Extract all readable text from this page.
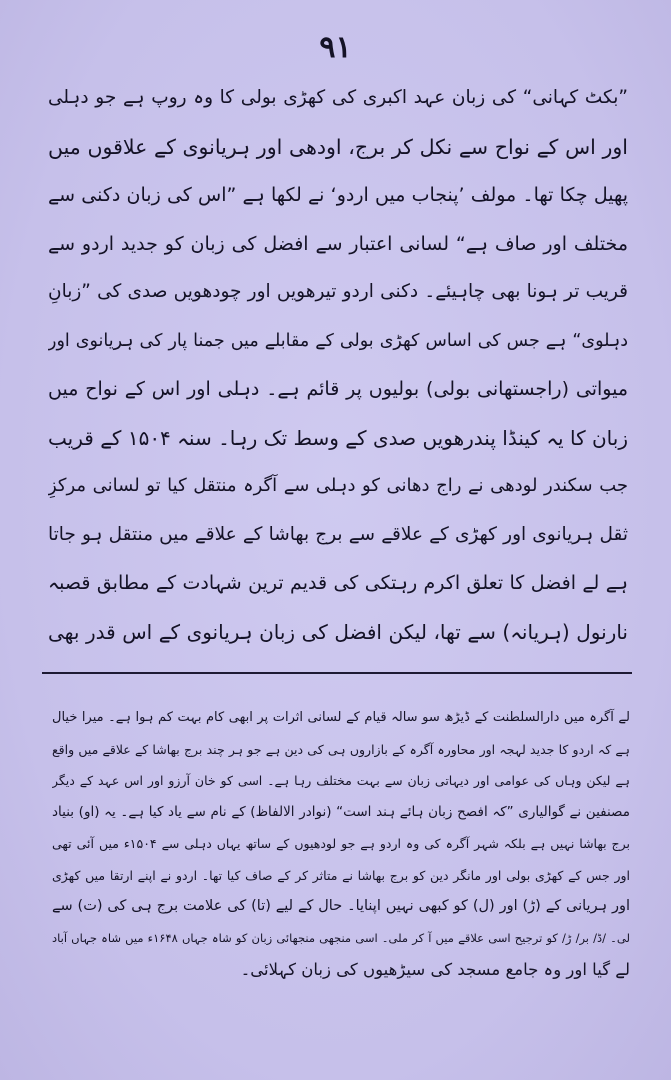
۹۱
”بکٹ کہانی“ کی زبان عہد اکبری کی کھڑی بولی کا وہ روپ ہے جو دہلی
اور اس کے نواح سے نکل کر برج، اودھی اور ہریانوی کے علاقوں میں
پھیل چکا تھا۔ مولف ’پنجاب میں اردو‘ نے لکھا ہے ”اس کی زبان دکنی سے
مختلف اور صاف ہے“ لسانی اعتبار سے افضل کی زبان کو جدید اردو سے
قریب تر ہونا بھی چاہیئے۔ دکنی اردو تیرھویں اور چودھویں صدی کی ”زبانِ
دہلوی“ ہے جس کی اساس کھڑی بولی کے مقابلے میں جمنا پار کی ہریانوی اور
میواتی (راجستھانی بولی) بولیوں پر قائم ہے۔ دہلی اور اس کے نواح میں
زبان کا یہ کینڈا پندرھویں صدی کے وسط تک رہا۔ سنہ ۱۵۰۴ کے قریب
جب سکندر لودھی نے راج دھانی کو دہلی سے آگرہ منتقل کیا تو لسانی مرکزِ
ثقل ہریانوی اور کھڑی کے علاقے سے برج بھاشا کے علاقے میں منتقل ہو جاتا
ہے لے افضل کا تعلق اکرم رہتکی کی قدیم ترین شہادت کے مطابق قصبہ
نارنول (ہریانہ) سے تھا، لیکن افضل کی زبان ہریانوی کے اس قدر بھی
لے آگرہ میں دارالسلطنت کے ڈیڑھ سو سالہ قیام کے لسانی اثرات پر ابھی کام بہت کم ہوا ہے۔ میرا خیال
ہے کہ اردو کا جدید لہجہ اور محاورہ آگرہ کے بازاروں ہی کی دین ہے جو ہر چند برج بھاشا کے علاقے میں واقع
ہے لیکن وہاں کی عوامی اور دیہاتی زبان سے بہت مختلف رہا ہے۔ اسی کو خان آرزو اور اس عہد کے دیگر
مصنفین نے گوالیاری ”کہ افصح زبان ہائے ہند است“ (نوادر الالفاظ) کے نام سے یاد کیا ہے۔ یہ (او) بنیاد
برج بھاشا نہیں ہے بلکہ شہر آگرہ کی وہ اردو ہے جو لودھیوں کے ساتھ یہاں دہلی سے ۱۵۰۴ء میں آئی تھی
اور جس کے کھڑی بولی اور مانگر دین کو برج بھاشا نے متاثر کر کے صاف کیا تھا۔ اردو نے اپنے ارتقا میں کھڑی
اور ہریانی کے (ڑ) اور (ل) کو کبھی نہیں اپنایا۔ حال کے لیے (تا) کی علامت برج ہی کی (ت) سے
لی۔ /ڈ/ بر/ ڑ/ کو ترجیح اسی علاقے میں آ کر ملی۔ اسی منجھی منجھائی زبان کو شاہ جہاں ۱۶۴۸ء میں شاہ جہاں آباد
لے گیا اور وہ جامع مسجد کی سیڑھیوں کی زبان کہلائی۔
